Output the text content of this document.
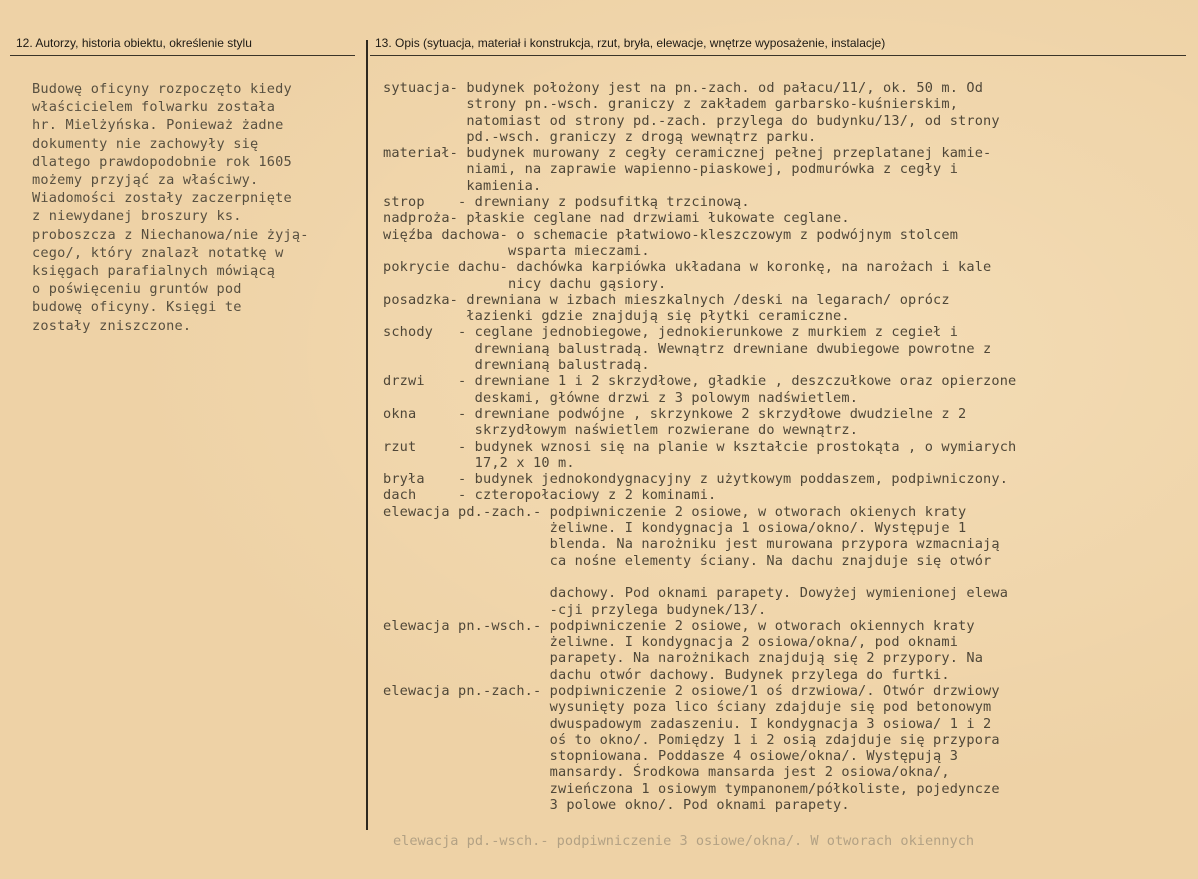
12. Autorzy, historia obiektu, określenie stylu	13. Opis (sytuacja, materiał i konstrukcja, rzut, bryła, elewacje, wnętrze wyposażenie, instalacje)
Budowę oficyny rozpoczęto kiedy
właścicielem folwarku została
hr. Mielżyńska. Ponieważ żadne
dokumenty nie zachowyły się
dlatego prawdopodobnie rok 1605
możemy przyjąć za właściwy.
Wiadomości zostały zaczerpnięte
z niewydanej broszury ks.
proboszcza z Niechanowa/nie żyją-
cego/, który znalazł notatkę w
księgach parafialnych mówiącą
o poświęceniu gruntów pod
budowę oficyny. Księgi te
zostały zniszczone.
sytuacja- budynek położony jest na pn.-zach. od pałacu/11/, ok. 50 m. Od
strony pn.-wsch. graniczy z zakładem garbarsko-kuśnierskim,
natomiast od strony pd.-zach. przylega do budynku/13/, od strony
pd.-wsch. graniczy z drogą wewnątrz parku.
materiał- budynek murowany z cegły ceramicznej pełnej przeplatanej kamie-
niami, na zaprawie wapienno-piaskowej, podmurówka z cegły i
kamienia.
strop    - drewniany z podsufitką trzcinową.
nadproża- płaskie ceglane nad drzwiami łukowate ceglane.
więźba dachowa- o schemacie płatwiowo-kleszczowym z podwójnym stolcem
wsparta mieczami.
pokrycie dachu- dachówka karpiówka układana w koronkę, na narożach i kale
nicy dachu gąsiory.
posadzka- drewniana w izbach mieszkalnych /deski na legarach/ oprócz
łazienki gdzie znajdują się płytki ceramiczne.
schody   - ceglane jednobiegowe, jednokierunkowe z murkiem z cegieł i
drewnianą balustradą. Wewnątrz drewniane dwubiegowe powrotne z
drewnianą balustradą.
drzwi    - drewniane 1 i 2 skrzydłowe, gładkie , deszczułkowe oraz opierzone
deskami, główne drzwi z 3 polowym nadświetlem.
okna     - drewniane podwójne , skrzynkowe 2 skrzydłowe dwudzielne z 2
skrzydłowym naświetlem rozwierane do wewnątrz.
rzut     - budynek wznosi się na planie w kształcie prostokąta , o wymiarych
17,2 x 10 m.
bryła    - budynek jednokondygnacyjny z użytkowym poddaszem, podpiwniczony.
dach     - czteropołaciowy z 2 kominami.
elewacja pd.-zach.- podpiwniczenie 2 osiowe, w otworach okienych kraty
żeliwne. I kondygnacja 1 osiowa/okno/. Występuje 1
blenda. Na narożniku jest murowana przypora wzmacniają
ca nośne elementy ściany. Na dachu znajduje się otwór

dachowy. Pod oknami parapety. Dowyżej wymienionej elewa
-cji przylega budynek/13/.
elewacja pn.-wsch.- podpiwniczenie 2 osiowe, w otworach okiennych kraty
żeliwne. I kondygnacja 2 osiowa/okna/, pod oknami
parapety. Na narożnikach znajdują się 2 przypory. Na
dachu otwór dachowy. Budynek przylega do furtki.
elewacja pn.-zach.- podpiwniczenie 2 osiowe/1 oś drzwiowa/. Otwór drzwiowy
wysunięty poza lico ściany zdajduje się pod betonowym
dwuspadowym zadaszeniu. I kondygnacja 3 osiowa/ 1 i 2
oś to okno/. Pomiędzy 1 i 2 osią zdajduje się przypora
stopniowana. Poddasze 4 osiowe/okna/. Występują 3
mansardy. Środkowa mansarda jest 2 osiowa/okna/,
zwieńczona 1 osiowym tympanonem/półkoliste, pojedyncze
3 polowe okno/. Pod oknami parapety.
elewacja pd.-wsch.- podpiwniczenie 3 osiowe/okna/. W otworach okiennych
